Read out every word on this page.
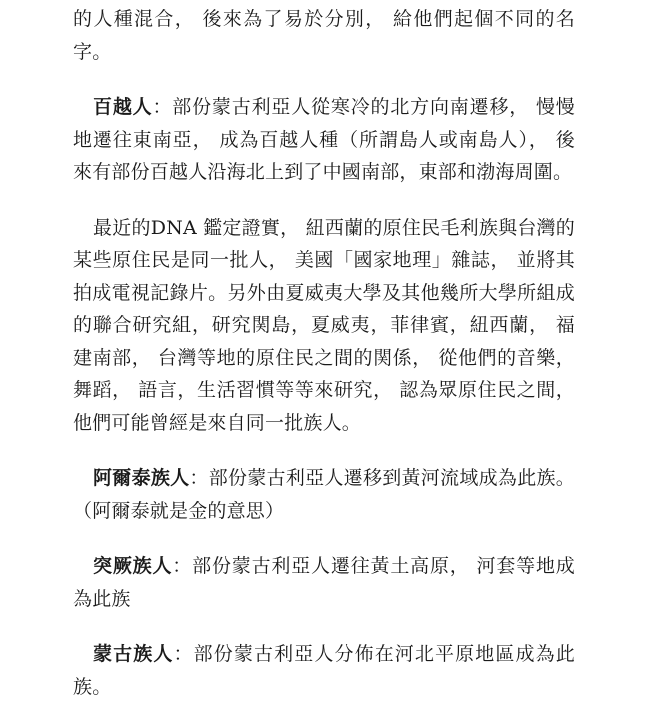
的人種混合， 後來為了易於分別， 給他們起個不同的名字。

百越人：部份蒙古利亞人從寒冷的北方向南遷移， 慢慢地遷往東南亞， 成為百越人種（所謂島人或南島人）， 後來有部份百越人沿海北上到了中國南部，東部和渤海周圍。

最近的DNA 鑑定證實， 紐西蘭的原住民毛利族與台灣的某些原住民是同一批人， 美國「國家地理」雜誌， 並將其拍成電視記錄片。另外由夏威夷大學及其他幾所大學所組成的聯合研究組，研究関島，夏威夷，菲律賓，紐西蘭， 福建南部， 台灣等地的原住民之間的関係， 從他們的音樂，舞蹈， 語言，生活習慣等等來研究， 認為眾原住民之間， 他們可能曾經是來自同一批族人。

阿爾泰族人：部份蒙古利亞人遷移到黃河流域成為此族。（阿爾泰就是金的意思）

突厥族人：部份蒙古利亞人遷往黃土高原， 河套等地成為此族

蒙古族人：部份蒙古利亞人分佈在河北平原地區成為此族。
